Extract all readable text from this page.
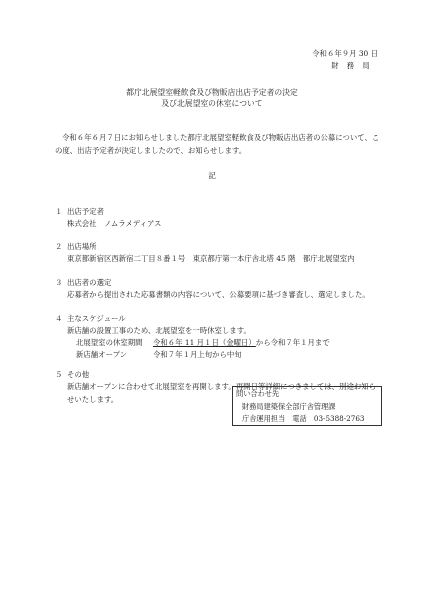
令和６年９月 30 日
財務局
都庁北展望室軽飲食及び物販店出店予定者の決定
及び北展望室の休室について
令和６年６月７日にお知らせしました都庁北展望室軽飲食及び物販店出店者の公募について、この度、出店予定者が決定しましたので、お知らせします。
記
１ 出店予定者
株式会社　ノムラメディアス
２ 出店場所
東京都新宿区西新宿二丁目８番１号　東京都庁第一本庁舎北塔 45 階　都庁北展望室内
３ 出店者の選定
応募者から提出された応募書類の内容について、公募要項に基づき審査し、選定しました。
４ 主なスケジュール
新店舗の設置工事のため、北展望室を一時休室します。
北展望室の休室期間 令和６年 11 月１日（金曜日）から令和７年１月まで
新店舗オープン	令和７年１月上旬から中旬
５ その他
新店舗オープンに合わせて北展望室を再開します。再開日等詳細につきましては、別途お知らせいたします。
問い合わせ先
財務局建築保全部庁舎管理課
庁舎運用担当　電話　03-5388-2763
